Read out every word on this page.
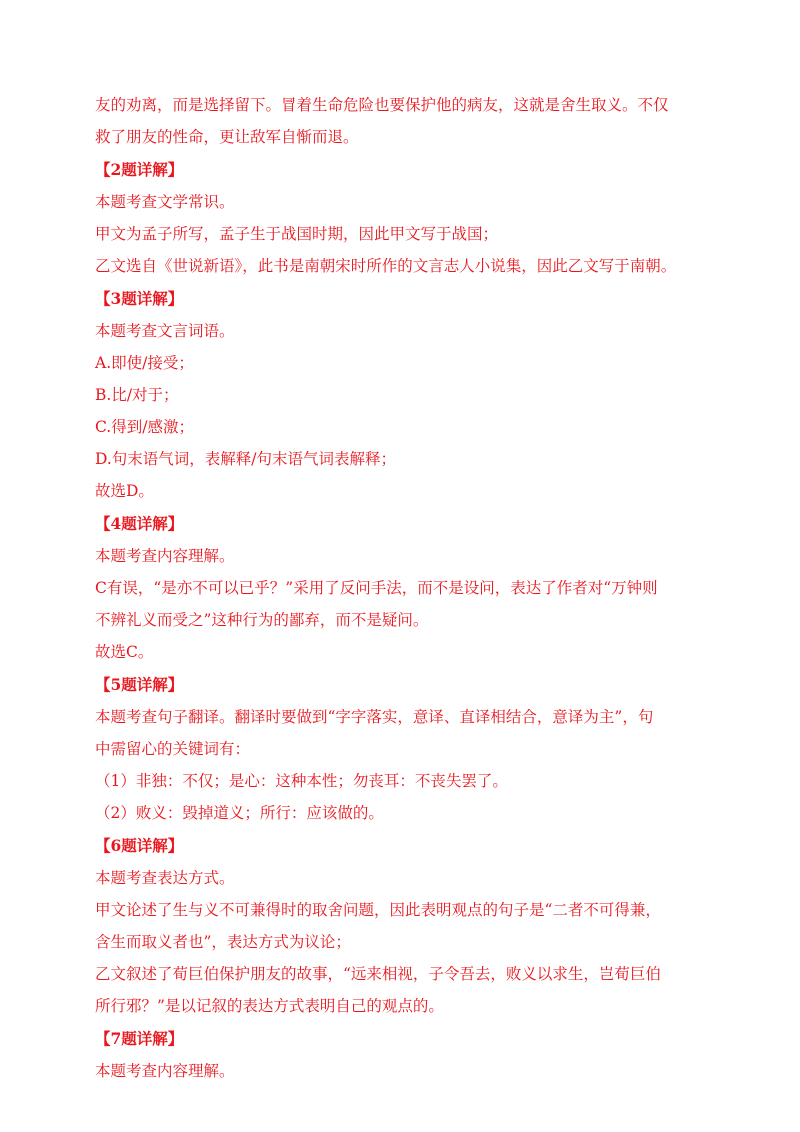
友的劝离，而是选择留下。冒着生命危险也要保护他的病友，这就是舍生取义。不仅
救了朋友的性命，更让敌军自惭而退。
【2题详解】
本题考查文学常识。
甲文为孟子所写，孟子生于战国时期，因此甲文写于战国；
乙文选自《世说新语》，此书是南朝宋时所作的文言志人小说集，因此乙文写于南朝。
【3题详解】
本题考查文言词语。
A.即使/接受；
B.比/对于；
C.得到/感激；
D.句末语气词，表解释/句末语气词表解释；
故选D。
【4题详解】
本题考查内容理解。
C有误，“是亦不可以已乎？”采用了反问手法，而不是设问，表达了作者对“万钟则
不辨礼义而受之”这种行为的鄙弃，而不是疑问。
故选C。
【5题详解】
本题考查句子翻译。翻译时要做到“字字落实，意译、直译相结合，意译为主”，句
中需留心的关键词有：
（1）非独：不仅；是心：这种本性；勿丧耳：不丧失罢了。
（2）败义：毁掉道义；所行：应该做的。
【6题详解】
本题考查表达方式。
甲文论述了生与义不可兼得时的取舍问题，因此表明观点的句子是“二者不可得兼，
含生而取义者也”，表达方式为议论；
乙文叙述了荀巨伯保护朋友的故事，“远来相视，子令吾去，败义以求生，岂荀巨伯
所行邪？”是以记叙的表达方式表明自己的观点的。
【7题详解】
本题考查内容理解。
